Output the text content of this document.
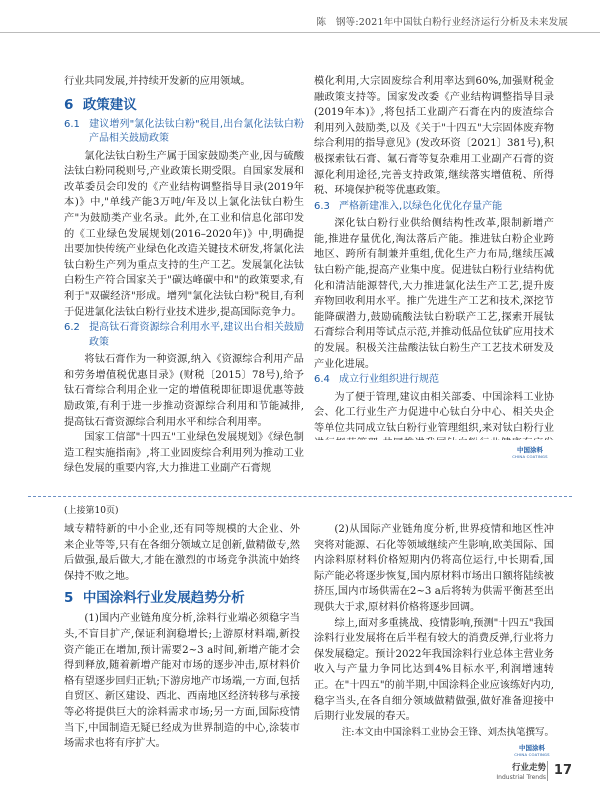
陈　钢等:2021年中国钛白粉行业经济运行分析及未来发展

行业共同发展,并持续开发新的应用领域。

6 政策建议
6.1 建议增列"氯化法钛白粉"税目,出台氯化法钛白粉产品相关鼓励政策

氯化法钛白粉生产属于国家鼓励类产业,因与硫酸法钛白粉同税则号,产业政策长期受限。自国家发展和改革委员会印发的《产业结构调整指导目录(2019年本)》中,"单线产能3万吨/年及以上氯化法钛白粉生产"为鼓励类产业名录。此外,在工业和信息化部印发的《工业绿色发展规划(2016–2020年)》中,明确提出要加快传统产业绿色化改造关键技术研发,将氯化法钛白粉生产列为重点支持的生产工艺。发展氯化法钛白粉生产符合国家关于"碳达峰碳中和"的政策要求,有利于"双碳经济"形成。增列"氯化法钛白粉"税目,有利于促进氯化法钛白粉行业技术进步,提高国际竞争力。

6.2 提高钛石膏资源综合利用水平,建议出台相关鼓励政策

将钛石膏作为一种资源,纳入《资源综合利用产品和劳务增值税优惠目录》(财税〔2015〕78号),给予钛石膏综合利用企业一定的增值税即征即退优惠等鼓励政策,有利于进一步推动资源综合利用和节能减排,提高钛石膏资源综合利用水平和综合利用率。

国家工信部"十四五"工业绿色发展规划》《绿色制造工程实施指南》,将工业固废综合利用列为推动工业绿色发展的重要内容,大力推进工业副产石膏规

模化利用,大宗固废综合利用率达到60%,加强财税金融政策支持等。国家发改委《产业结构调整指导目录(2019年本)》,将包括工业副产石膏在内的废渣综合利用列入鼓励类,以及《关于"十四五"大宗固体废弃物综合利用的指导意见》(发改环资〔2021〕381号),积极探索钛石膏、氟石膏等复杂难用工业副产石膏的资源化利用途径,完善支持政策,继续落实增值税、所得税、环境保护税等优惠政策。

6.3 严格新建准入,以绿色化优化存量产能

深化钛白粉行业供给侧结构性改革,限制新增产能,推进存量优化,淘汰落后产能。推进钛白粉企业跨地区、跨所有制兼并重组,优化生产力布局,继续压减钛白粉产能,提高产业集中度。促进钛白粉行业结构优化和清洁能源替代,大力推进氯化法生产工艺,提升废弃物回收利用水平。推广先进生产工艺和技术,深挖节能降碳潜力,鼓励硫酸法钛白粉联产工艺,探索开展钛石膏综合利用等试点示范,并推动低品位钛矿应用技术的发展。积极关注盐酸法钛白粉生产工艺技术研发及产业化进展。

6.4 成立行业组织进行规范

为了便于管理,建议由相关部委、中国涂料工业协会、化工行业生产力促进中心钛白分中心、相关央企等单位共同成立钛白粉行业管理组织,来对钛白粉行业

中国涂料
CHINA COATINGS
(上接第10页)

域专精特新的中小企业,还有同等规模的大企业、外来企业等等,只有在各细分领域立足创新,做精做专,然后做强,最后做大,才能在激烈的市场竞争洪流中始终保持不败之地。

5 中国涂料行业发展趋势分析

(1)国内产业链角度分析,涂料行业端必须稳字当头,不盲目扩产,保证利润稳增长;上游原材料端,新投资产能正在增加,预计需要2~3 a时间,新增产能才会得到释放,随着新增产能对市场的逐步冲击,原材料价格有望逐步回归正轨;下游房地产市场端,一方面,包括自贸区、新区建设、西北、西南地区经济转移与承接等必将提供巨大的涂料需求市场;另一方面,国际疫情当下,中国制造无疑已经成为世界制造的中心,涂装市场需求也将有序扩大。

(2)从国际产业链角度分析,世界疫情和地区性冲突将对能源、石化等领域继续产生影响,欧美国际、国内涂料原材料价格短期内仍将高位运行,中长期看,国际产能必将逐步恢复,国内原材料市场出口额将陆续被挤压,国内市场供需在2~3 a后将转为供需平衡甚至出现供大于求,原材料价格将逐步回调。

综上,面对多重挑战、疫情影响,预测"十四五"我国涂料行业发展将在后半程有较大的消费反弹,行业将力保发展稳定。预计2022年我国涂料行业总体主营业务收入与产量力争同比达到4%目标水平,利润增速转正。在"十四五"的前半期,中国涂料企业应该练好内功,稳字当头,在各自细分领域做精做强,做好准备迎接中后期行业发展的春天。

注:本文由中国涂料工业协会王锋、刘杰执笔撰写。

中国涂料
CHINA COATINGS
行业走势
Industrial Trends 17
